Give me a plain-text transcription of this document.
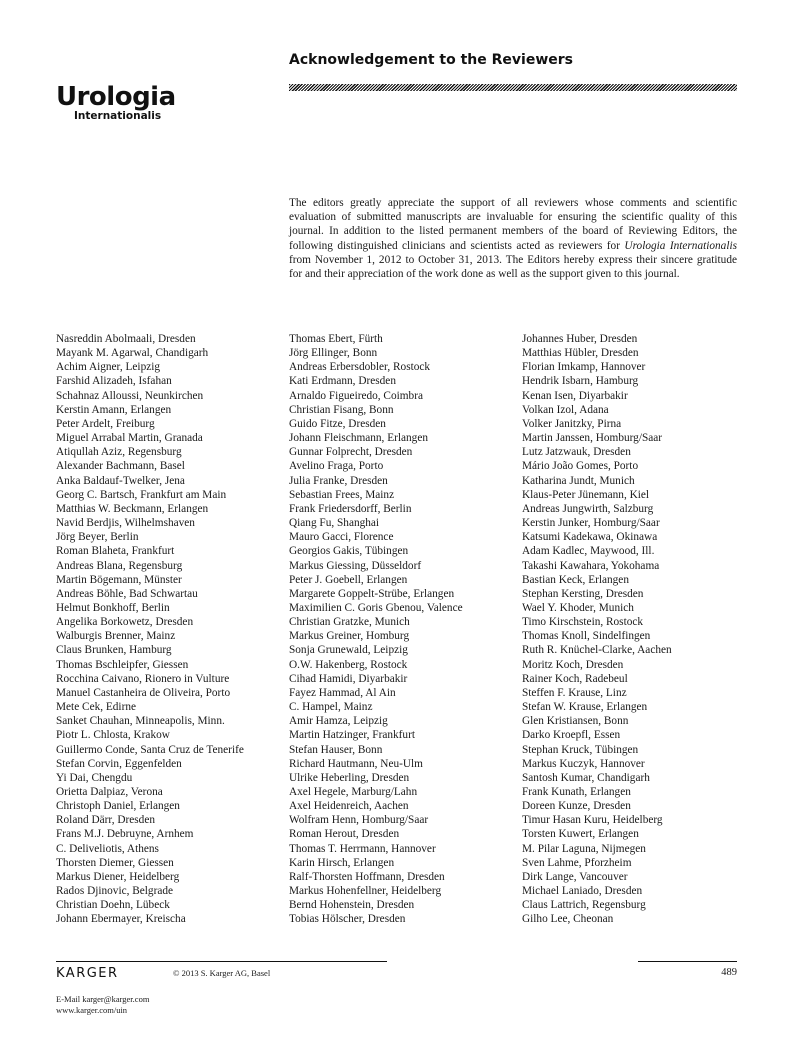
Urologia
Internationalis
Acknowledgement to the Reviewers

The editors greatly appreciate the support of all reviewers whose comments and scientific evaluation of submitted manuscripts are invaluable for ensuring the scientific quality of this journal. In addition to the listed permanent members of the board of Reviewing Editors, the following distinguished clinicians and scientists acted as reviewers for Urologia Internationalis from November 1, 2012 to October 31, 2013. The Editors hereby express their sincere gratitude for and their appreciation of the work done as well as the support given to this journal.

Nasreddin Abolmaali, Dresden
Mayank M. Agarwal, Chandigarh
Achim Aigner, Leipzig
Farshid Alizadeh, Isfahan
Schahnaz Alloussi, Neunkirchen
Kerstin Amann, Erlangen
Peter Ardelt, Freiburg
Miguel Arrabal Martin, Granada
Atiqullah Aziz, Regensburg
Alexander Bachmann, Basel
Anka Baldauf-Twelker, Jena
Georg C. Bartsch, Frankfurt am Main
Matthias W. Beckmann, Erlangen
Navid Berdjis, Wilhelmshaven
Jörg Beyer, Berlin
Roman Blaheta, Frankfurt
Andreas Blana, Regensburg
Martin Bögemann, Münster
Andreas Böhle, Bad Schwartau
Helmut Bonkhoff, Berlin
Angelika Borkowetz, Dresden
Walburgis Brenner, Mainz
Claus Brunken, Hamburg
Thomas Bschleipfer, Giessen
Rocchina Caivano, Rionero in Vulture
Manuel Castanheira de Oliveira, Porto
Mete Cek, Edirne
Sanket Chauhan, Minneapolis, Minn.
Piotr L. Chlosta, Krakow
Guillermo Conde, Santa Cruz de Tenerife
Stefan Corvin, Eggenfelden
Yi Dai, Chengdu
Orietta Dalpiaz, Verona
Christoph Daniel, Erlangen
Roland Därr, Dresden
Frans M.J. Debruyne, Arnhem
C. Deliveliotis, Athens
Thorsten Diemer, Giessen
Markus Diener, Heidelberg
Rados Djinovic, Belgrade
Christian Doehn, Lübeck
Johann Ebermayer, Kreischa
Thomas Ebert, Fürth
Jörg Ellinger, Bonn
Andreas Erbersdobler, Rostock
Kati Erdmann, Dresden
Arnaldo Figueiredo, Coimbra
Christian Fisang, Bonn
Guido Fitze, Dresden
Johann Fleischmann, Erlangen
Gunnar Folprecht, Dresden
Avelino Fraga, Porto
Julia Franke, Dresden
Sebastian Frees, Mainz
Frank Friedersdorff, Berlin
Qiang Fu, Shanghai
Mauro Gacci, Florence
Georgios Gakis, Tübingen
Markus Giessing, Düsseldorf
Peter J. Goebell, Erlangen
Margarete Goppelt-Strübe, Erlangen
Maximilien C. Goris Gbenou, Valence
Christian Gratzke, Munich
Markus Greiner, Homburg
Sonja Grunewald, Leipzig
O.W. Hakenberg, Rostock
Cihad Hamidi, Diyarbakir
Fayez Hammad, Al Ain
C. Hampel, Mainz
Amir Hamza, Leipzig
Martin Hatzinger, Frankfurt
Stefan Hauser, Bonn
Richard Hautmann, Neu-Ulm
Ulrike Heberling, Dresden
Axel Hegele, Marburg/Lahn
Axel Heidenreich, Aachen
Wolfram Henn, Homburg/Saar
Roman Herout, Dresden
Thomas T. Herrmann, Hannover
Karin Hirsch, Erlangen
Ralf-Thorsten Hoffmann, Dresden
Markus Hohenfellner, Heidelberg
Bernd Hohenstein, Dresden
Tobias Hölscher, Dresden
Johannes Huber, Dresden
Matthias Hübler, Dresden
Florian Imkamp, Hannover
Hendrik Isbarn, Hamburg
Kenan Isen, Diyarbakir
Volkan Izol, Adana
Volker Janitzky, Pirna
Martin Janssen, Homburg/Saar
Lutz Jatzwauk, Dresden
Mário João Gomes, Porto
Katharina Jundt, Munich
Klaus-Peter Jünemann, Kiel
Andreas Jungwirth, Salzburg
Kerstin Junker, Homburg/Saar
Katsumi Kadekawa, Okinawa
Adam Kadlec, Maywood, Ill.
Takashi Kawahara, Yokohama
Bastian Keck, Erlangen
Stephan Kersting, Dresden
Wael Y. Khoder, Munich
Timo Kirschstein, Rostock
Thomas Knoll, Sindelfingen
Ruth R. Knüchel-Clarke, Aachen
Moritz Koch, Dresden
Rainer Koch, Radebeul
Steffen F. Krause, Linz
Stefan W. Krause, Erlangen
Glen Kristiansen, Bonn
Darko Kroepfl, Essen
Stephan Kruck, Tübingen
Markus Kuczyk, Hannover
Santosh Kumar, Chandigarh
Frank Kunath, Erlangen
Doreen Kunze, Dresden
Timur Hasan Kuru, Heidelberg
Torsten Kuwert, Erlangen
M. Pilar Laguna, Nijmegen
Sven Lahme, Pforzheim
Dirk Lange, Vancouver
Michael Laniado, Dresden
Claus Lattrich, Regensburg
Gilho Lee, Cheonan
KARGER	© 2013 S. Karger AG, Basel	489
E-Mail karger@karger.com
www.karger.com/uin
